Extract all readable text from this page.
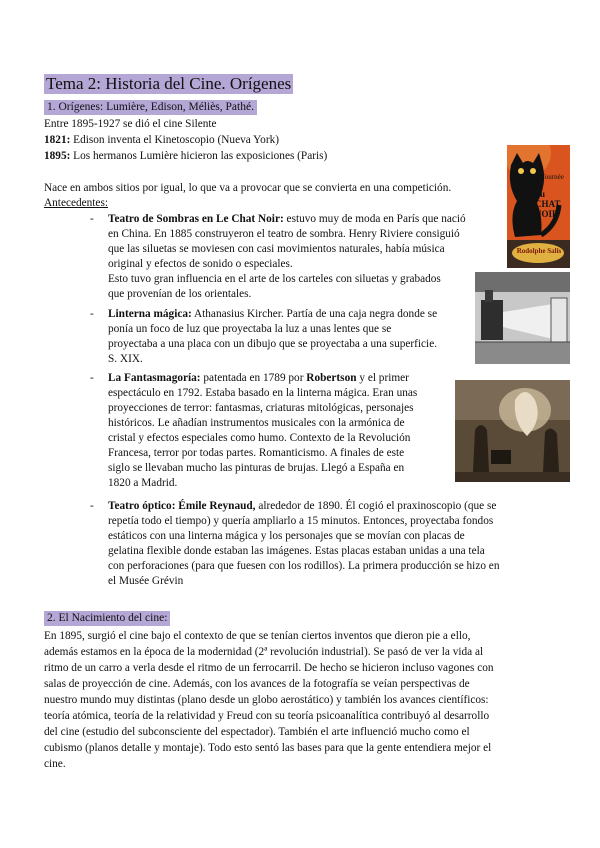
Tema 2: Historia del Cine. Orígenes
1. Orígenes: Lumière, Edison, Méliès, Pathé.
Entre 1895-1927 se dió el cine Silente
1821: Edison inventa el Kinetoscopio (Nueva York)
1895: Los hermanos Lumière hicieron las exposiciones (Paris)
Nace en ambos sitios por igual, lo que va a provocar que se convierta en una competición.
Antecedentes:
- Teatro de Sombras en Le Chat Noir: estuvo muy de moda en París que nació
en China. En 1885 construyeron el teatro de sombra. Henry Riviere consiguió
que las siluetas se moviesen con casi movimientos naturales, había música
original y efectos de sonido o especiales.
Esto tuvo gran influencia en el arte de los carteles con siluetas y grabados
que provenían de los orientales.
- Linterna mágica: Athanasius Kircher. Partía de una caja negra donde se
ponía un foco de luz que proyectaba la luz a unas lentes que se
proyectaba a una placa con un dibujo que se proyectaba a una superficie.
S. XIX.
- La Fantasmagoría: patentada en 1789 por Robertson y el primer
espectáculo en 1792. Estaba basado en la linterna mágica. Eran unas
proyecciones de terror: fantasmas, criaturas mitológicas, personajes
históricos. Le añadían instrumentos musicales con la armónica de
cristal y efectos especiales como humo. Contexto de la Revolución
Francesa, terror por todas partes. Romanticismo. A finales de este
siglo se llevaban mucho las pinturas de brujas. Llegó a España en
1820 a Madrid.
- Teatro óptico: Émile Reynaud, alrededor de 1890. Él cogió el praxinoscopio (que se
repetía todo el tiempo) y quería ampliarlo a 15 minutos. Entonces, proyectaba fondos
estáticos con una linterna mágica y los personajes que se movían con placas de
gelatina flexible donde estaban las imágenes. Estas placas estaban unidas a una tela
con perforaciones (para que fuesen con los rodillos). La primera producción se hizo en
el Musée Grévin
2. El Nacimiento del cine:
En 1895, surgió el cine bajo el contexto de que se tenían ciertos inventos que dieron pie a ello,
además estamos en la época de la modernidad (2ª revolución industrial). Se pasó de ver la vida al
ritmo de un carro a verla desde el ritmo de un ferrocarril. De hecho se hicieron incluso vagones con
salas de proyección de cine. Además, con los avances de la fotografía se veían perspectivas de
nuestro mundo muy distintas (plano desde un globo aerostático) y también los avances científicos:
teoría atómica, teoría de la relatividad y Freud con su teoría psicoanalítica contribuyó al desarrollo
del cine (estudio del subconsciente del espectador). También el arte influenció mucho como el
cubismo (planos detalle y montaje). Todo esto sentó las bases para que la gente entendiera mejor el
cine.
Tournée
du CHAT NOIR
Rodolphe Salis
